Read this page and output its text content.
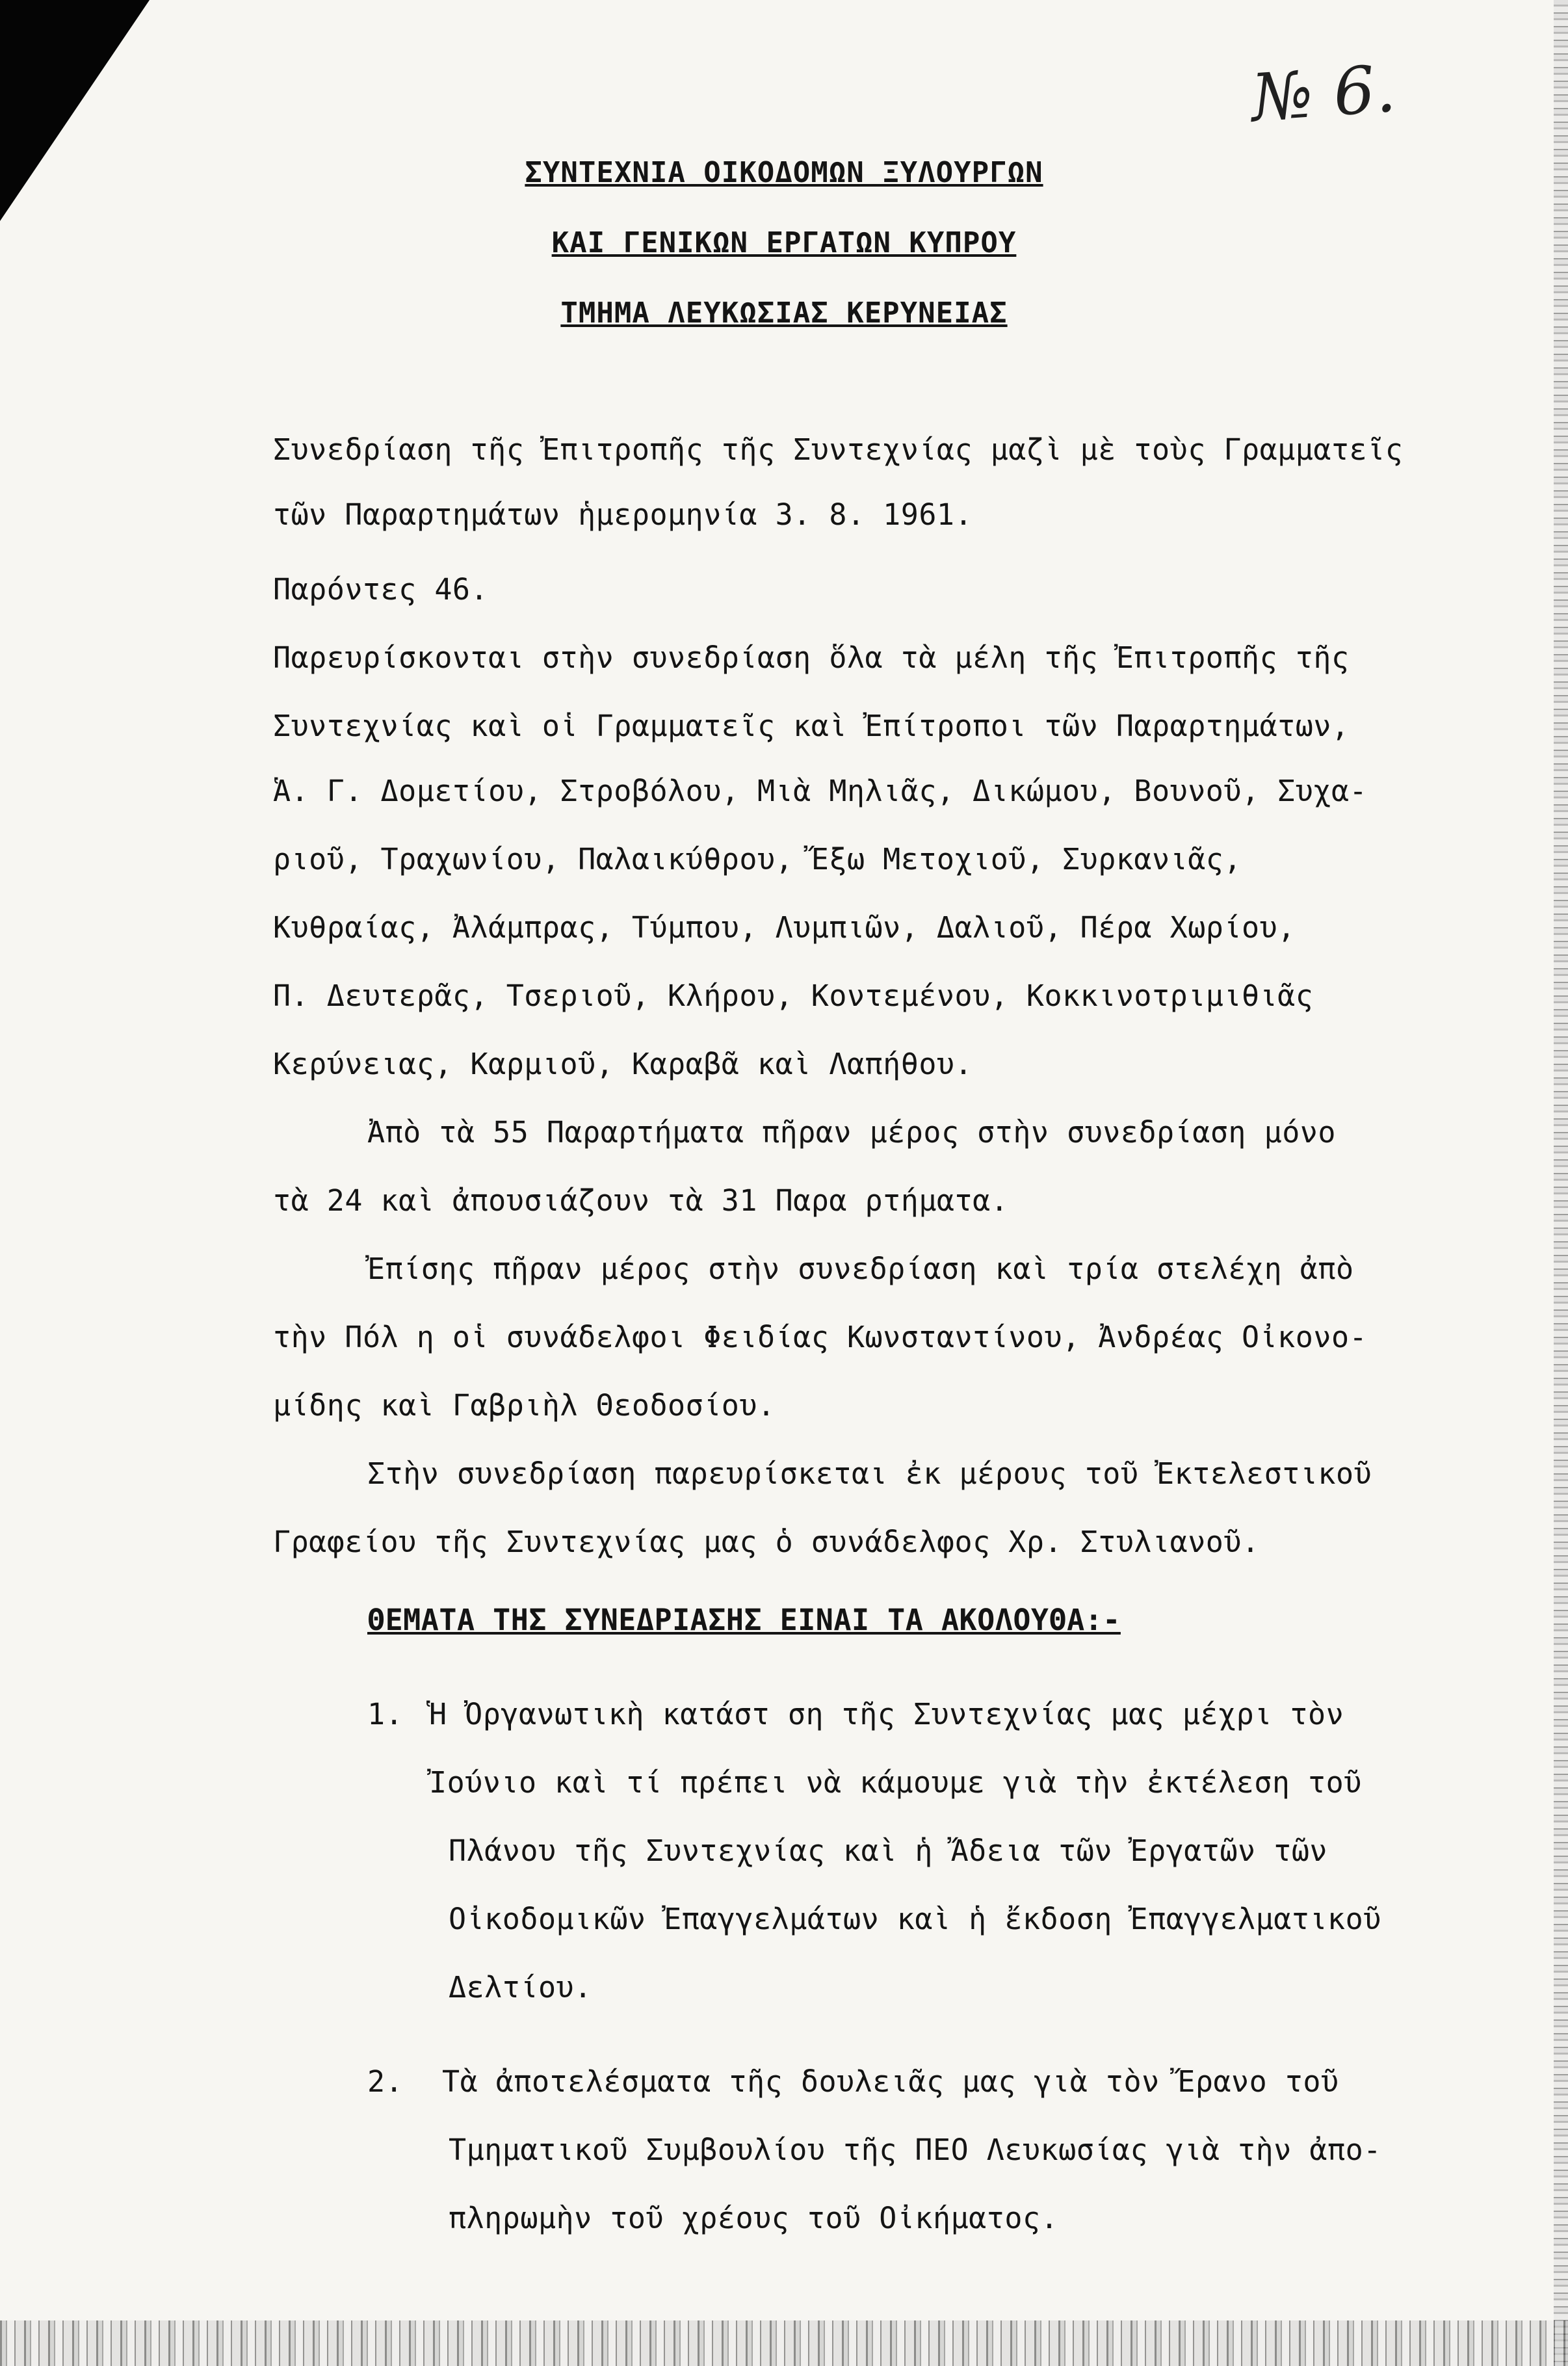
№ 6.
ΣΥΝΤΕΧΝΙΑ ΟΙΚΟΔΟΜΩΝ ΞΥΛΟΥΡΓΩΝ
ΚΑΙ ΓΕΝΙΚΩΝ ΕΡΓΑΤΩΝ ΚΥΠΡΟΥ
ΤΜΗΜΑ ΛΕΥΚΩΣΙΑΣ ΚΕΡΥΝΕΙΑΣ
Συνεδρίαση τῆς Ἐπιτροπῆς τῆς Συντεχνίας μαζὶ μὲ τοὺς Γραμματεῖς
τῶν Παραρτημάτων ἡμερομηνία 3. 8. 1961.
Παρόντες 46.
Παρευρίσκονται στὴν συνεδρίαση ὅλα τὰ μέλη τῆς Ἐπιτροπῆς τῆς
Συντεχνίας καὶ οἱ Γραμματεῖς καὶ Ἐπίτροποι τῶν Παραρτημάτων,
Ἁ. Γ. Δομετίου, Στροβόλου, Μιὰ Μηλιᾶς, Δικώμου, Βουνοῦ, Συχα-
ριοῦ, Τραχωνίου, Παλαικύθρου, Ἔξω Μετοχιοῦ, Συρκανιᾶς,
Κυθραίας, Ἀλάμπρας, Τύμπου, Λυμπιῶν, Δαλιοῦ, Πέρα Χωρίου,
Π. Δευτερᾶς, Τσεριοῦ, Κλήρου, Κοντεμένου, Κοκκινοτριμιθιᾶς
Κερύνειας, Καρμιοῦ, Καραβᾶ καὶ Λαπήθου.
Ἀπὸ τὰ 55 Παραρτήματα πῆραν μέρος στὴν συνεδρίαση μόνο
τὰ 24 καὶ ἀπουσιάζουν τὰ 31 Παρα ρτήματα.
Ἐπίσης πῆραν μέρος στὴν συνεδρίαση καὶ τρία στελέχη ἀπὸ
τὴν Πόλ η οἱ συνάδελφοι Φειδίας Κωνσταντίνου, Ἀνδρέας Οἰκονο-
μίδης καὶ Γαβριὴλ Θεοδοσίου.
Στὴν συνεδρίαση παρευρίσκεται ἐκ μέρους τοῦ Ἐκτελεστικοῦ
Γραφείου τῆς Συντεχνίας μας ὁ συνάδελφος Χρ. Στυλιανοῦ.
ΘΕΜΑΤΑ ΤΗΣ ΣΥΝΕΔΡΙΑΣΗΣ ΕΙΝΑΙ ΤΑ ΑΚΟΛΟΥΘΑ:-
1. Ἡ Ὀργανωτικὴ κατάστ ση τῆς Συντεχνίας μας μέχρι τὸν
Ἰούνιο καὶ τί πρέπει νὰ κάμουμε γιὰ τὴν ἐκτέλεση τοῦ
Πλάνου τῆς Συντεχνίας καὶ ἡ Ἄδεια τῶν Ἐργατῶν τῶν
Οἰκοδομικῶν Ἐπαγγελμάτων καὶ ἡ ἔκδοση Ἐπαγγελματικοῦ
Δελτίου.
2. Τὰ ἀποτελέσματα τῆς δουλειᾶς μας γιὰ τὸν Ἔρανο τοῦ
Τμηματικοῦ Συμβουλίου τῆς ΠΕΟ Λευκωσίας γιὰ τὴν ἀπο-
πληρωμὴν τοῦ χρέους τοῦ Οἰκήματος.
